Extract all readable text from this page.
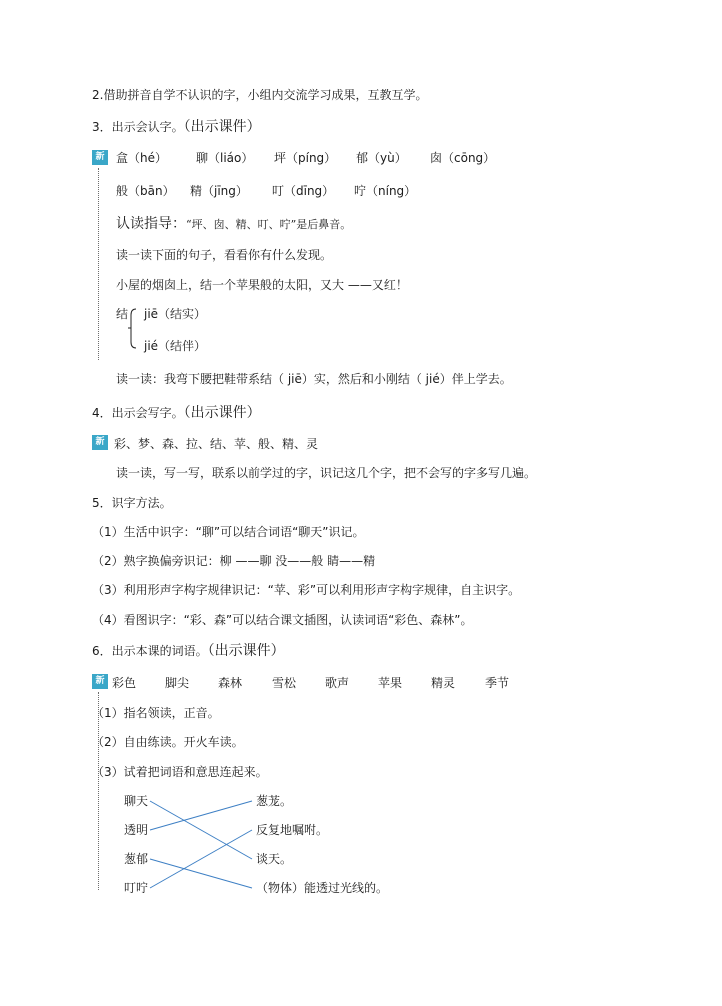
2.借助拼音自学不认识的字，小组内交流学习成果，互教互学。
3．出示会认字。（出示课件）
新 盒（hé） 聊（liáo） 坪（píng） 郁（yù） 囱（cōng）
般（bān） 精（jīng） 叮（dīng） 咛（níng）
认读指导：“坪、囱、精、叮、咛”是后鼻音。
读一读下面的句子，看看你有什么发现。
小屋的烟囱上，结一个苹果般的太阳，又大 ——又红！
结 jiē（结实）
jié（结伴）
读一读：我弯下腰把鞋带系结（ jiē）实，然后和小刚结（ jié）伴上学去。
4．出示会写字。（出示课件）
新 彩、梦、森、拉、结、苹、般、精、灵
读一读，写一写，联系以前学过的字，识记这几个字，把不会写的字多写几遍。
5．识字方法。
（1）生活中识字：“聊”可以结合词语“聊天”识记。
（2）熟字换偏旁识记：柳 ——聊 没——般 睛——精
（3）利用形声字构字规律识记：“苹、彩”可以利用形声字构字规律，自主识字。
（4）看图识字：“彩、森”可以结合课文插图，认读词语“彩色、森林”。
6．出示本课的词语。（出示课件）
新 彩色 脚尖 森林 雪松 歌声 苹果 精灵 季节
（1）指名领读，正音。
（2）自由练读。开火车读。
（3）试着把词语和意思连起来。
聊天
透明
葱郁
叮咛
葱茏。
反复地嘱咐。
谈天。
（物体）能透过光线的。
